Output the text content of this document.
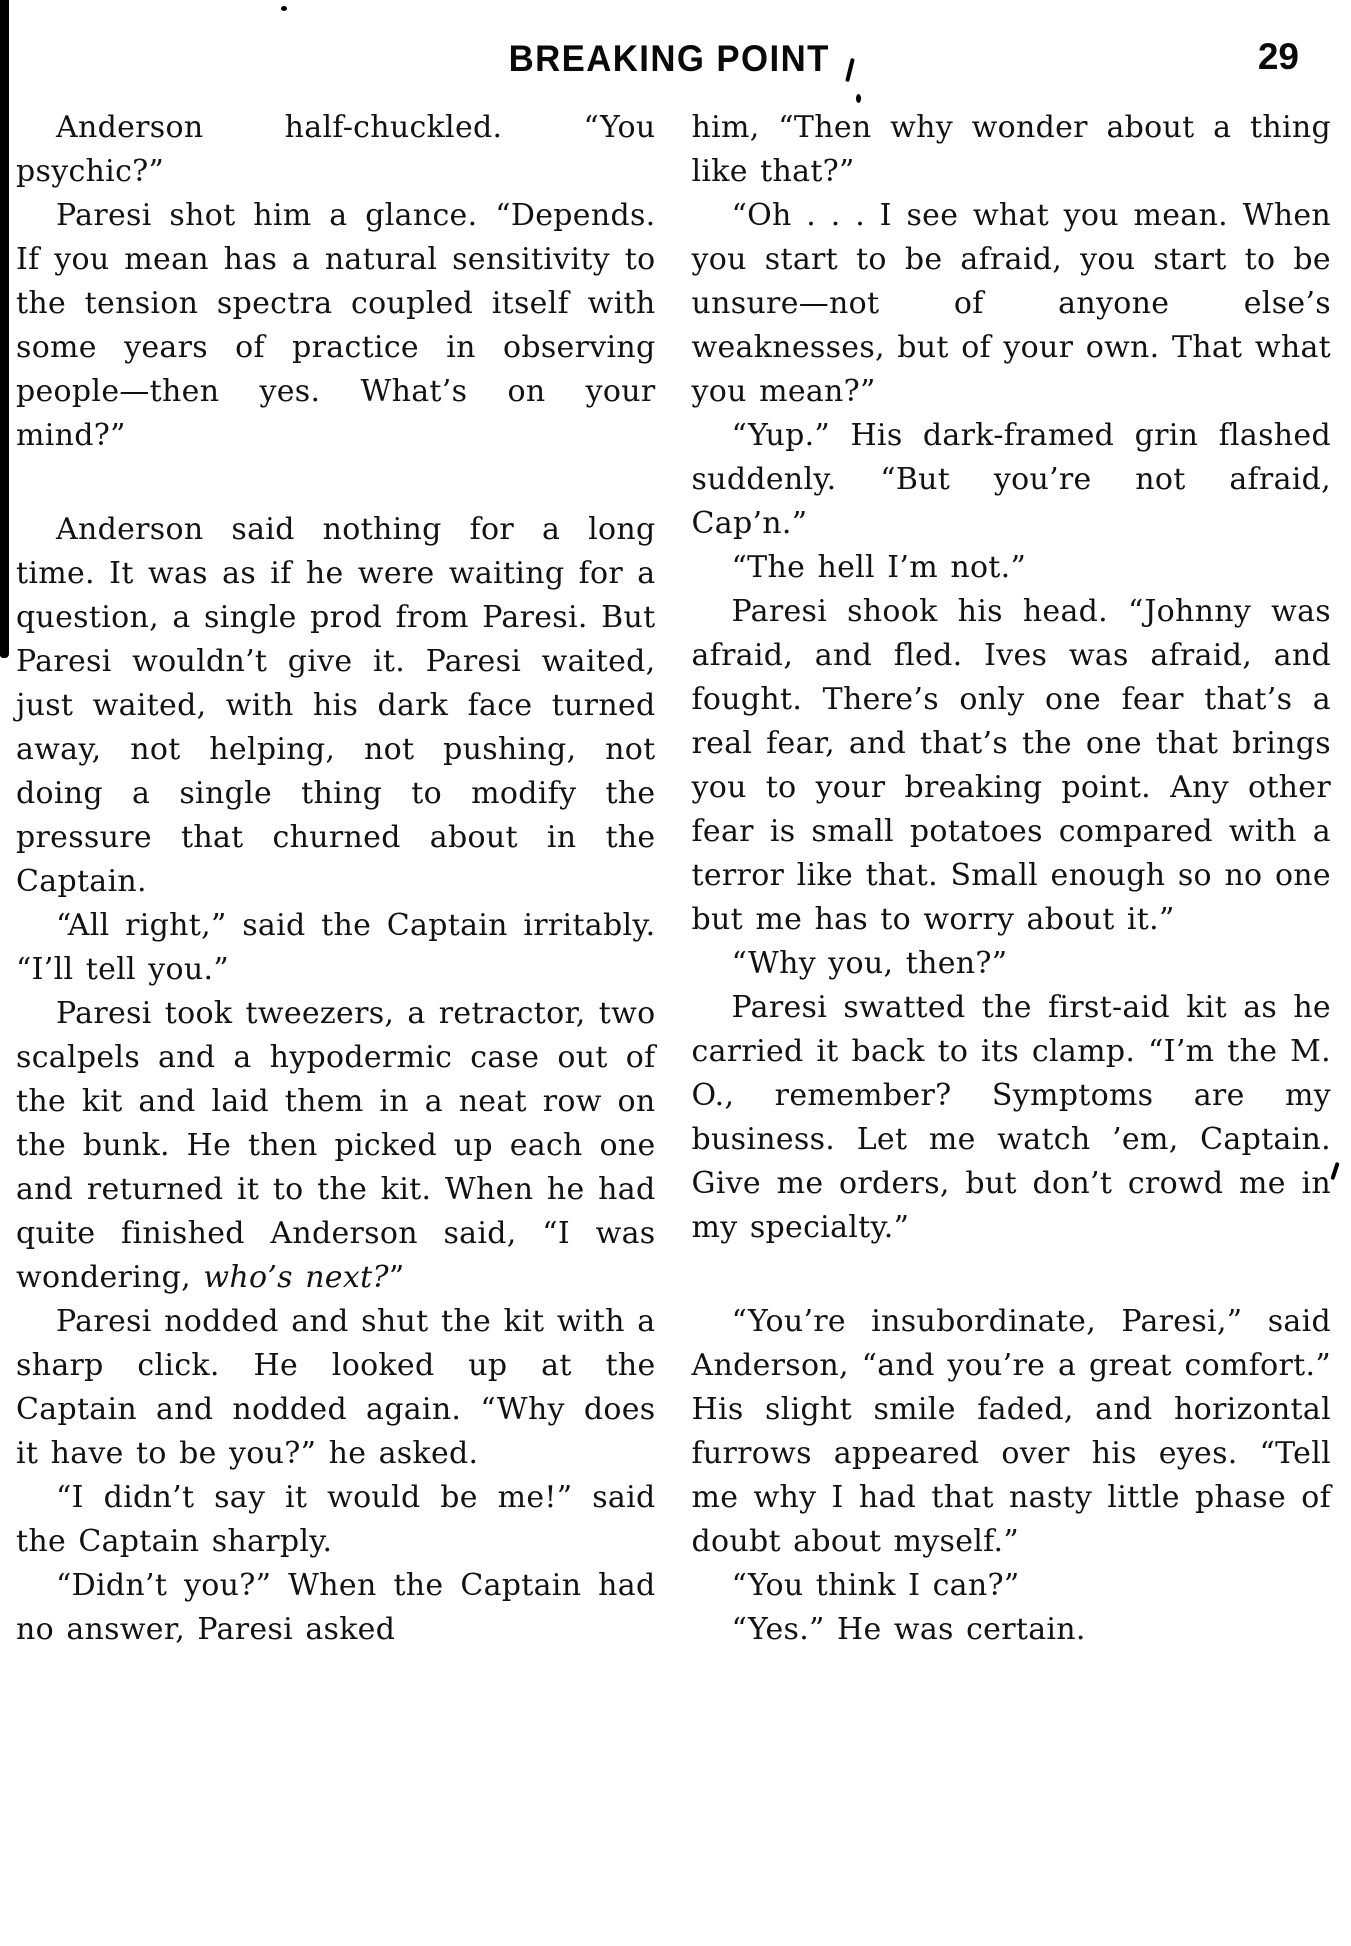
BREAKING POINT	29

Anderson half-chuckled. “You psychic?”

Paresi shot him a glance. “Depends. If you mean has a natural sensitivity to the tension spectra coupled itself with some years of practice in observing people—then yes. What’s on your mind?”

Anderson said nothing for a long time. It was as if he were waiting for a question, a single prod from Paresi. But Paresi wouldn’t give it. Paresi waited, just waited, with his dark face turned away, not helping, not pushing, not doing a single thing to modify the pressure that churned about in the Captain.

“All right,” said the Captain irritably. “I’ll tell you.”

Paresi took tweezers, a retractor, two scalpels and a hypodermic case out of the kit and laid them in a neat row on the bunk. He then picked up each one and returned it to the kit. When he had quite finished Anderson said, “I was wondering, who’s next?”

Paresi nodded and shut the kit with a sharp click. He looked up at the Captain and nodded again. “Why does it have to be you?” he asked.

“I didn’t say it would be me!” said the Captain sharply.

“Didn’t you?” When the Captain had no answer, Paresi asked

him, “Then why wonder about a thing like that?”

“Oh . . . I see what you mean. When you start to be afraid, you start to be unsure—not of anyone else’s weaknesses, but of your own. That what you mean?”

“Yup.” His dark-framed grin flashed suddenly. “But you’re not afraid, Cap’n.”

“The hell I’m not.”

Paresi shook his head. “Johnny was afraid, and fled. Ives was afraid, and fought. There’s only one fear that’s a real fear, and that’s the one that brings you to your breaking point. Any other fear is small potatoes compared with a terror like that. Small enough so no one but me has to worry about it.”

“Why you, then?”

Paresi swatted the first-aid kit as he carried it back to its clamp. “I’m the M. O., remember? Symptoms are my business. Let me watch ’em, Captain. Give me orders, but don’t crowd me in my specialty.”

“You’re insubordinate, Paresi,” said Anderson, “and you’re a great comfort.” His slight smile faded, and horizontal furrows appeared over his eyes. “Tell me why I had that nasty little phase of doubt about myself.”

“You think I can?”

“Yes.” He was certain.
